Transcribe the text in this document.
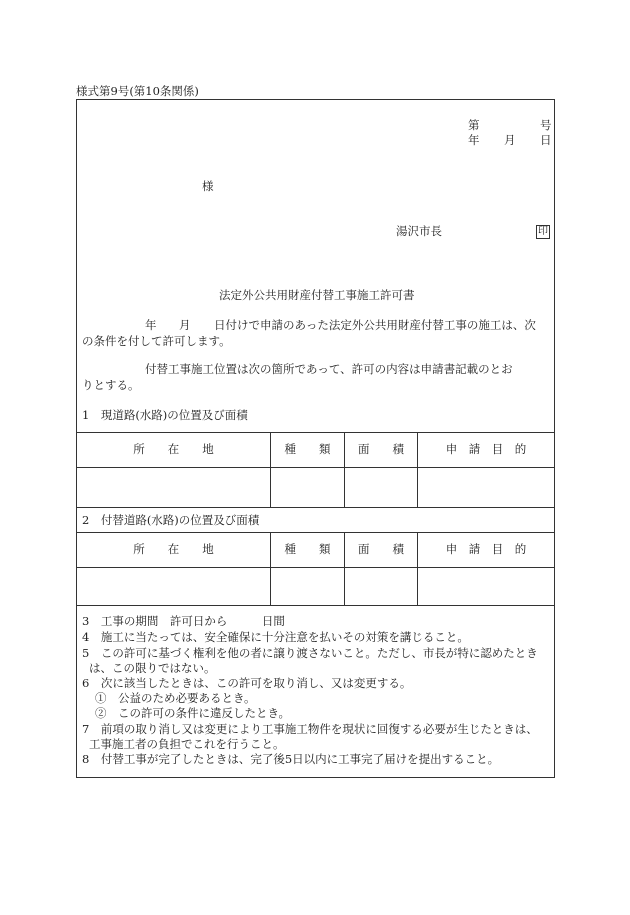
様式第9号(第10条関係)
第	号
年 月 日
様
湯沢市長	印
法定外公共用財産付替工事施工許可書
年 月 日付けで申請のあった法定外公共用財産付替工事の施工は、次
の条件を付して許可します。
付替工事施工位置は次の箇所であって、許可の内容は申請書記載のとお
りとする。
1　現道路(水路)の位置及び面積
所　　在　　地	種　　類	面　　積	申　請　目　的
2　付替道路(水路)の位置及び面積
所　　在　　地	種　　類	面　　積	申　請　目　的
3　工事の期間　許可日から　　　日間
4　施工に当たっては、安全確保に十分注意を払いその対策を講じること。
5　この許可に基づく権利を他の者に譲り渡さないこと。ただし、市長が特に認めたとき
は、この限りではない。
6　次に該当したときは、この許可を取り消し、又は変更する。
①　公益のため必要あるとき。
②　この許可の条件に違反したとき。
7　前項の取り消し又は変更により工事施工物件を現状に回復する必要が生じたときは、
工事施工者の負担でこれを行うこと。
8　付替工事が完了したときは、完了後5日以内に工事完了届けを提出すること。
